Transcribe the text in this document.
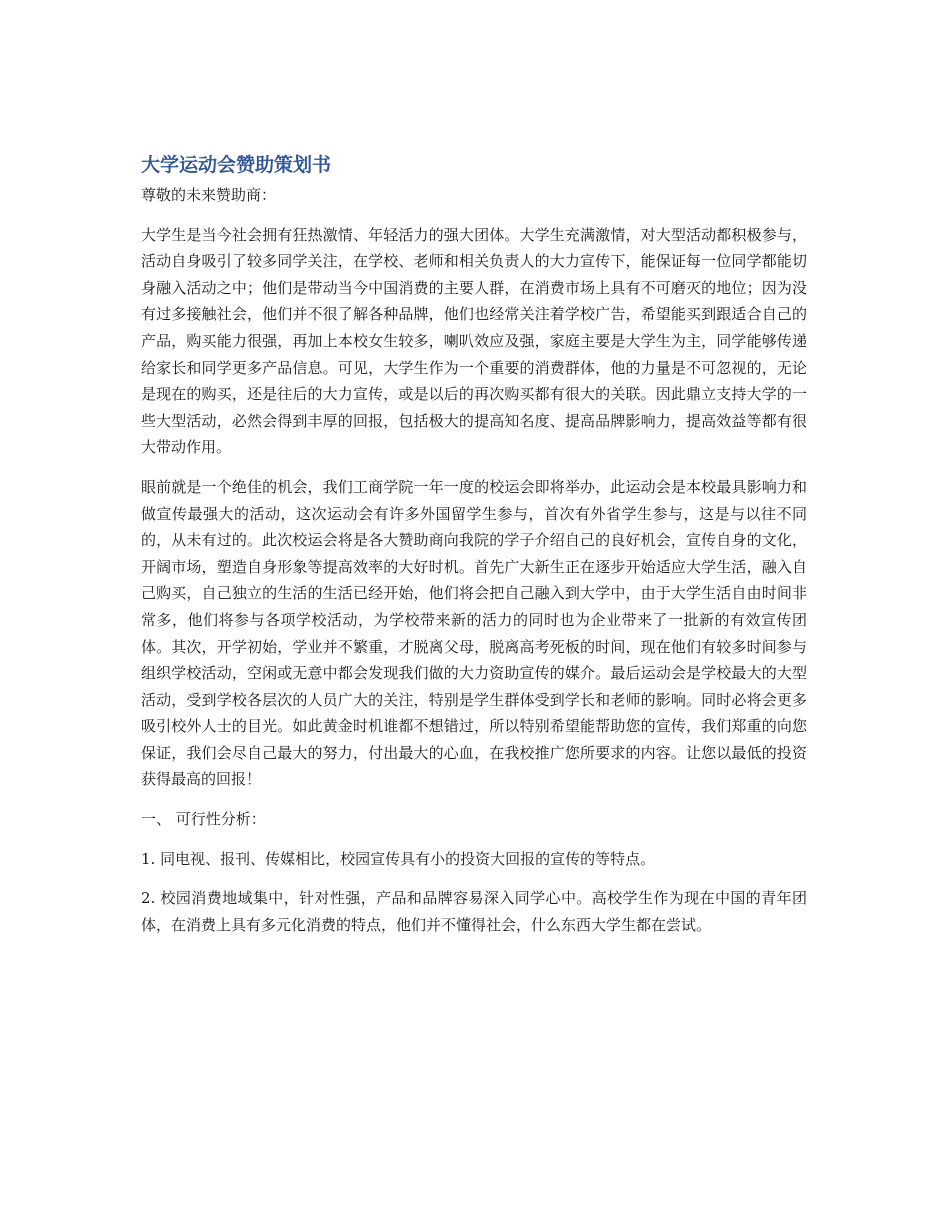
大学运动会赞助策划书

尊敬的未来赞助商：

大学生是当今社会拥有狂热激情、年轻活力的强大团体。大学生充满激情，对大型活动都积极参与，活动自身吸引了较多同学关注，在学校、老师和相关负责人的大力宣传下，能保证每一位同学都能切身融入活动之中；他们是带动当今中国消费的主要人群，在消费市场上具有不可磨灭的地位；因为没有过多接触社会，他们并不很了解各种品牌，他们也经常关注着学校广告，希望能买到跟适合自己的产品，购买能力很强，再加上本校女生较多，喇叭效应及强，家庭主要是大学生为主，同学能够传递给家长和同学更多产品信息。可见，大学生作为一个重要的消费群体，他的力量是不可忽视的，无论是现在的购买，还是往后的大力宣传，或是以后的再次购买都有很大的关联。因此鼎立支持大学的一些大型活动，必然会得到丰厚的回报，包括极大的提高知名度、提高品牌影响力，提高效益等都有很大带动作用。

眼前就是一个绝佳的机会，我们工商学院一年一度的校运会即将举办，此运动会是本校最具影响力和做宣传最强大的活动，这次运动会有许多外国留学生参与，首次有外省学生参与，这是与以往不同的，从未有过的。此次校运会将是各大赞助商向我院的学子介绍自己的良好机会，宣传自身的文化，开阔市场，塑造自身形象等提高效率的大好时机。首先广大新生正在逐步开始适应大学生活，融入自己购买，自己独立的生活的生活已经开始，他们将会把自己融入到大学中，由于大学生活自由时间非常多，他们将参与各项学校活动，为学校带来新的活力的同时也为企业带来了一批新的有效宣传团体。其次，开学初始，学业并不繁重，才脱离父母，脱离高考死板的时间，现在他们有较多时间参与组织学校活动，空闲或无意中都会发现我们做的大力资助宣传的媒介。最后运动会是学校最大的大型活动，受到学校各层次的人员广大的关注，特别是学生群体受到学长和老师的影响。同时必将会更多吸引校外人士的目光。如此黄金时机谁都不想错过，所以特别希望能帮助您的宣传，我们郑重的向您保证，我们会尽自己最大的努力，付出最大的心血，在我校推广您所要求的内容。让您以最低的投资获得最高的回报！

一、 可行性分析：

1. 同电视、报刊、传媒相比，校园宣传具有小的投资大回报的宣传的等特点。

2. 校园消费地域集中，针对性强，产品和品牌容易深入同学心中。高校学生作为现在中国的青年团体，在消费上具有多元化消费的特点，他们并不懂得社会，什么东西大学生都在尝试。
